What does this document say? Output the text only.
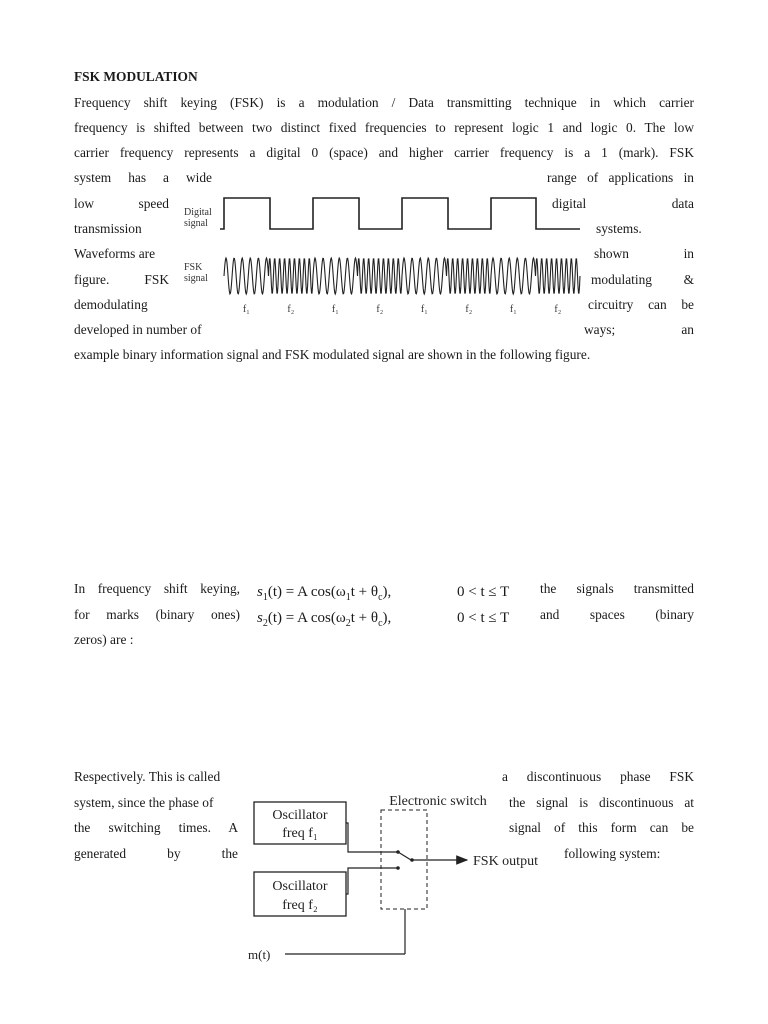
FSK MODULATION
Frequency shift keying (FSK) is a modulation / Data transmitting technique in which carrier
frequency is shifted between two distinct fixed frequencies to represent logic 1 and logic 0. The low
carrier frequency represents a digital 0 (space) and higher carrier frequency is a 1 (mark). FSK
system has a wide	range of applications in
low speed	digital data
transmission	systems.
Waveforms are	shown in
figure. FSK	modulating &
demodulating	circuitry can be
developed in number of	ways; an
example binary information signal and FSK modulated signal are shown in the following figure.
Digital
signal
FSK
signal
f₁	f₂	f₁	f₂	f₁	f₂	f₁	f₂
In frequency shift keying,	the signals transmitted
for marks (binary ones)	and spaces (binary
zeros) are :
$s_1(t) = A$ $\cos(\omega_1t + \theta_c)$,	0 < t ≤ T
$s_2(t) = A$ $\cos(\omega_2t + \theta_c)$,	0 < t ≤ T
Respectively. This is called	a discontinuous phase FSK
system, since the phase of	the signal is discontinuous at
the switching times. A	signal of this form can be
generated by the	following system:
Oscillator
freq f₁
Oscillator
freq f₂
Electronic switch
FSK output
m(t)
